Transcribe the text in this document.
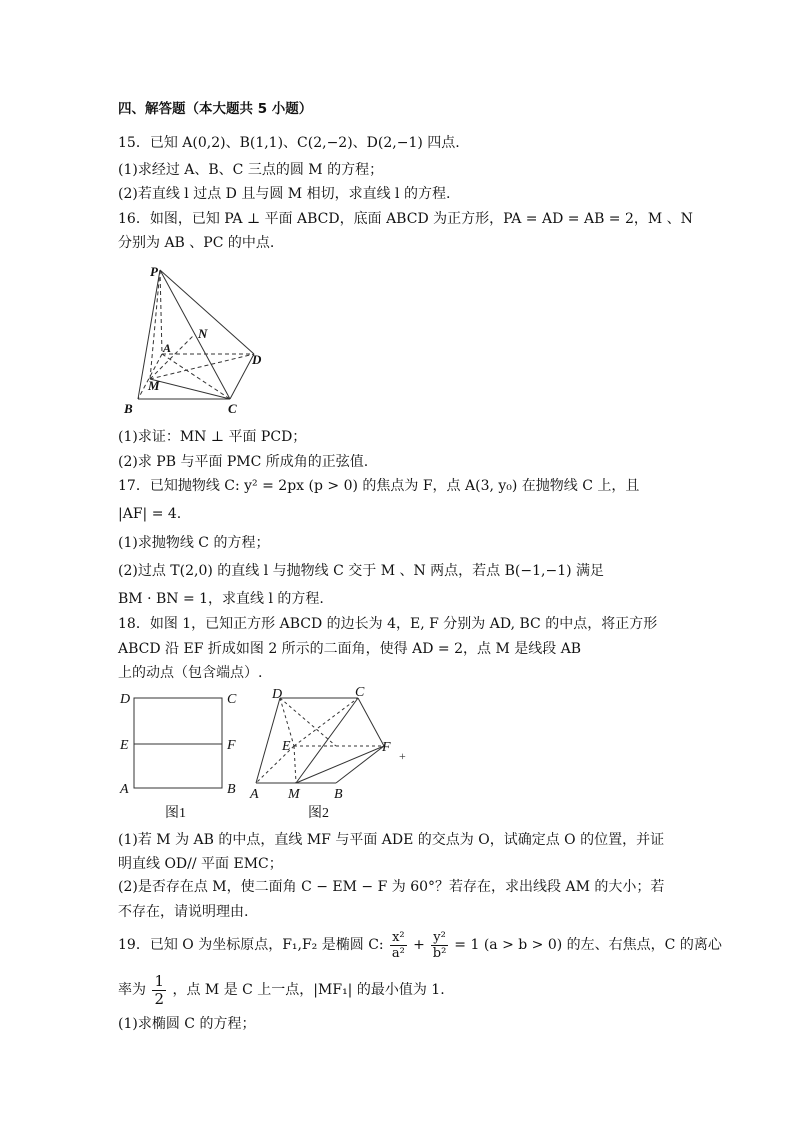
四、解答题（本大题共 5 小题）
15．已知 A(0,2)、B(1,1)、C(2,−2)、D(2,−1) 四点.
(1)求经过 A、B、C 三点的圆 M 的方程；
(2)若直线 l 过点 D 且与圆 M 相切，求直线 l 的方程.
16．如图，已知 PA ⊥ 平面 ABCD，底面 ABCD 为正方形，PA = AD = AB = 2，M 、N
分别为 AB 、PC 的中点.
P
N
A
D
M
B	C
(1)求证：MN ⊥ 平面 PCD；
(2)求 PB 与平面 PMC 所成角的正弦值.
17．已知抛物线 C: y² = 2px (p > 0) 的焦点为 F，点 A(3, y₀) 在抛物线 C 上，且
|AF| = 4.
(1)求抛物线 C 的方程；
(2)过点 T(2,0) 的直线 l 与抛物线 C 交于 M 、N 两点，若点 B(−1,−1) 满足
BM · BN = 1，求直线 l 的方程.
18．如图 1，已知正方形 ABCD 的边长为 4，E, F 分别为 AD, BC 的中点，将正方形
ABCD 沿 EF 折成如图 2 所示的二面角，使得 AD = 2，点 M 是线段 AB
上的动点（包含端点）.
D	C
E	F
A	B
图1
D	C
E	F
A M B
+
图2
(1)若 M 为 AB 的中点，直线 MF 与平面 ADE 的交点为 O，试确定点 O 的位置，并证
明直线 OD// 平面 EMC；
(2)是否存在点 M，使二面角 C − EM − F 为 60°？若存在，求出线段 AM 的大小；若
不存在，请说明理由.
19．已知 O 为坐标原点，F₁,F₂ 是椭圆 C: $\frac{\text{x²}}{\text{a²}} + \frac{\text{y²}}{\text{b²}} = 1$ (a > b > 0) 的左、右焦点，C 的离心
率为 $\frac{1}{2}$ ，点 M 是 C 上一点，|MF₁| 的最小值为 1.
(1)求椭圆 C 的方程；
